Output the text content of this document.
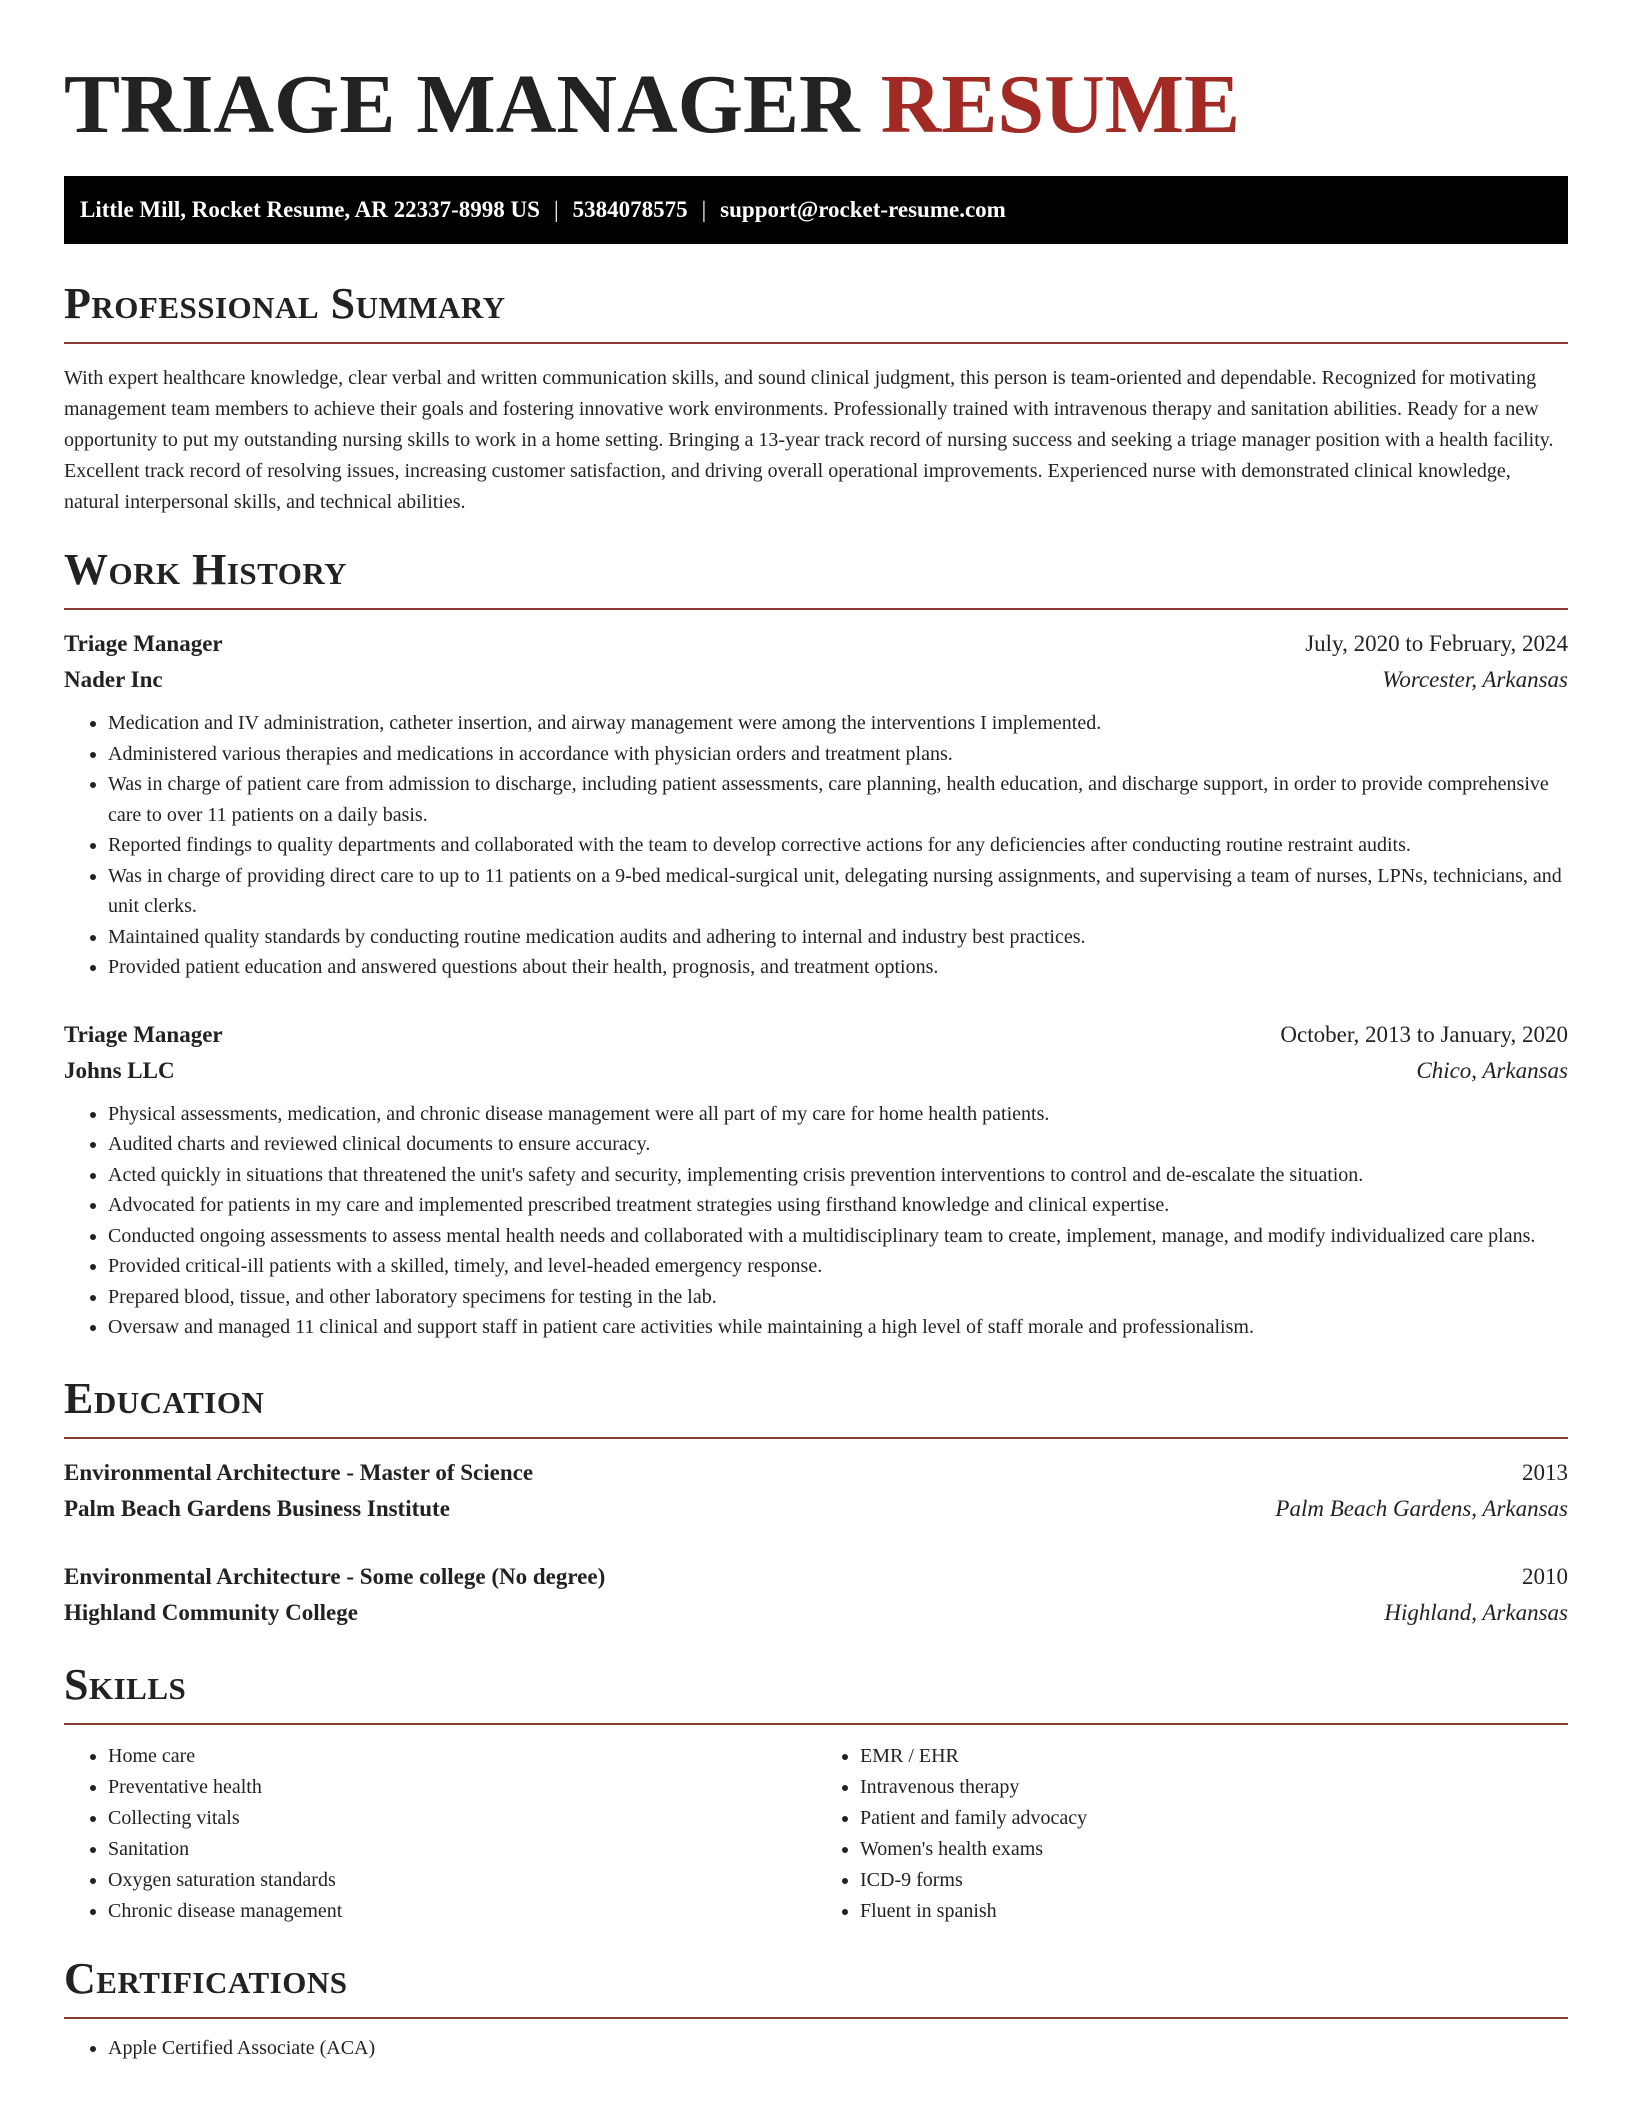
TRIAGE MANAGER RESUME
Little Mill, Rocket Resume, AR 22337-8998 US | 5384078575 | support@rocket-resume.com
Professional Summary

With expert healthcare knowledge, clear verbal and written communication skills, and sound clinical judgment, this person is team-oriented and dependable. Recognized for motivating management team members to achieve their goals and fostering innovative work environments. Professionally trained with intravenous therapy and sanitation abilities. Ready for a new opportunity to put my outstanding nursing skills to work in a home setting. Bringing a 13-year track record of nursing success and seeking a triage manager position with a health facility. Excellent track record of resolving issues, increasing customer satisfaction, and driving overall operational improvements. Experienced nurse with demonstrated clinical knowledge, natural interpersonal skills, and technical abilities.

Work History
Triage Manager	July, 2020 to February, 2024
Nader Inc	Worcester, Arkansas
• Medication and IV administration, catheter insertion, and airway management were among the interventions I implemented.
• Administered various therapies and medications in accordance with physician orders and treatment plans.
• Was in charge of patient care from admission to discharge, including patient assessments, care planning, health education, and discharge support, in order to provide comprehensive care to over 11 patients on a daily basis.
• Reported findings to quality departments and collaborated with the team to develop corrective actions for any deficiencies after conducting routine restraint audits.
• Was in charge of providing direct care to up to 11 patients on a 9-bed medical-surgical unit, delegating nursing assignments, and supervising a team of nurses, LPNs, technicians, and unit clerks.
• Maintained quality standards by conducting routine medication audits and adhering to internal and industry best practices.
• Provided patient education and answered questions about their health, prognosis, and treatment options.
Triage Manager	October, 2013 to January, 2020
Johns LLC	Chico, Arkansas
• Physical assessments, medication, and chronic disease management were all part of my care for home health patients.
• Audited charts and reviewed clinical documents to ensure accuracy.
• Acted quickly in situations that threatened the unit's safety and security, implementing crisis prevention interventions to control and de-escalate the situation.
• Advocated for patients in my care and implemented prescribed treatment strategies using firsthand knowledge and clinical expertise.
• Conducted ongoing assessments to assess mental health needs and collaborated with a multidisciplinary team to create, implement, manage, and modify individualized care plans.
• Provided critical-ill patients with a skilled, timely, and level-headed emergency response.
• Prepared blood, tissue, and other laboratory specimens for testing in the lab.
• Oversaw and managed 11 clinical and support staff in patient care activities while maintaining a high level of staff morale and professionalism.
Education
Environmental Architecture - Master of Science	2013
Palm Beach Gardens Business Institute	Palm Beach Gardens, Arkansas
Environmental Architecture - Some college (No degree)	2010
Highland Community College	Highland, Arkansas
Skills
• Home care
• Preventative health
• Collecting vitals
• Sanitation
• Oxygen saturation standards
• Chronic disease management
• EMR / EHR
• Intravenous therapy
• Patient and family advocacy
• Women's health exams
• ICD-9 forms
• Fluent in spanish
Certifications
• Apple Certified Associate (ACA)
